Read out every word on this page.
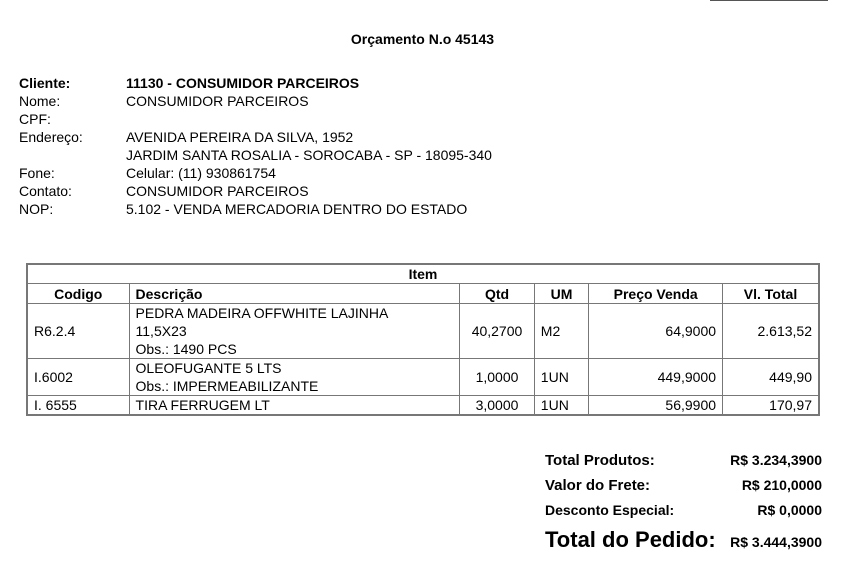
Orçamento N.o 45143
Cliente:	11130 - CONSUMIDOR PARCEIROS
Nome:	CONSUMIDOR PARCEIROS
CPF:
Endereço:	AVENIDA PEREIRA DA SILVA, 1952
JARDIM SANTA ROSALIA - SOROCABA - SP - 18095-340
Fone:	Celular: (11) 930861754
Contato:	CONSUMIDOR PARCEIROS
NOP:	5.102 - VENDA MERCADORIA DENTRO DO ESTADO
Item					
Codigo	Descrição	Qtd	UM	Preço Venda	Vl. Total
R6.2.4	PEDRA MADEIRA OFFWHITE LAJINHA
11,5X23
Obs.: 1490 PCS	40,2700	M2	64,9000	2.613,52
I.6002	OLEOFUGANTE 5 LTS
Obs.: IMPERMEABILIZANTE	1,0000	1UN	449,9000	449,90
I. 6555	TIRA FERRUGEM LT	3,0000	1UN	56,9900	170,97
Total Produtos:	R$ 3.234,3900
Valor do Frete:	R$ 210,0000
Desconto Especial:	R$ 0,0000
Total do Pedido: R$ 3.444,3900
